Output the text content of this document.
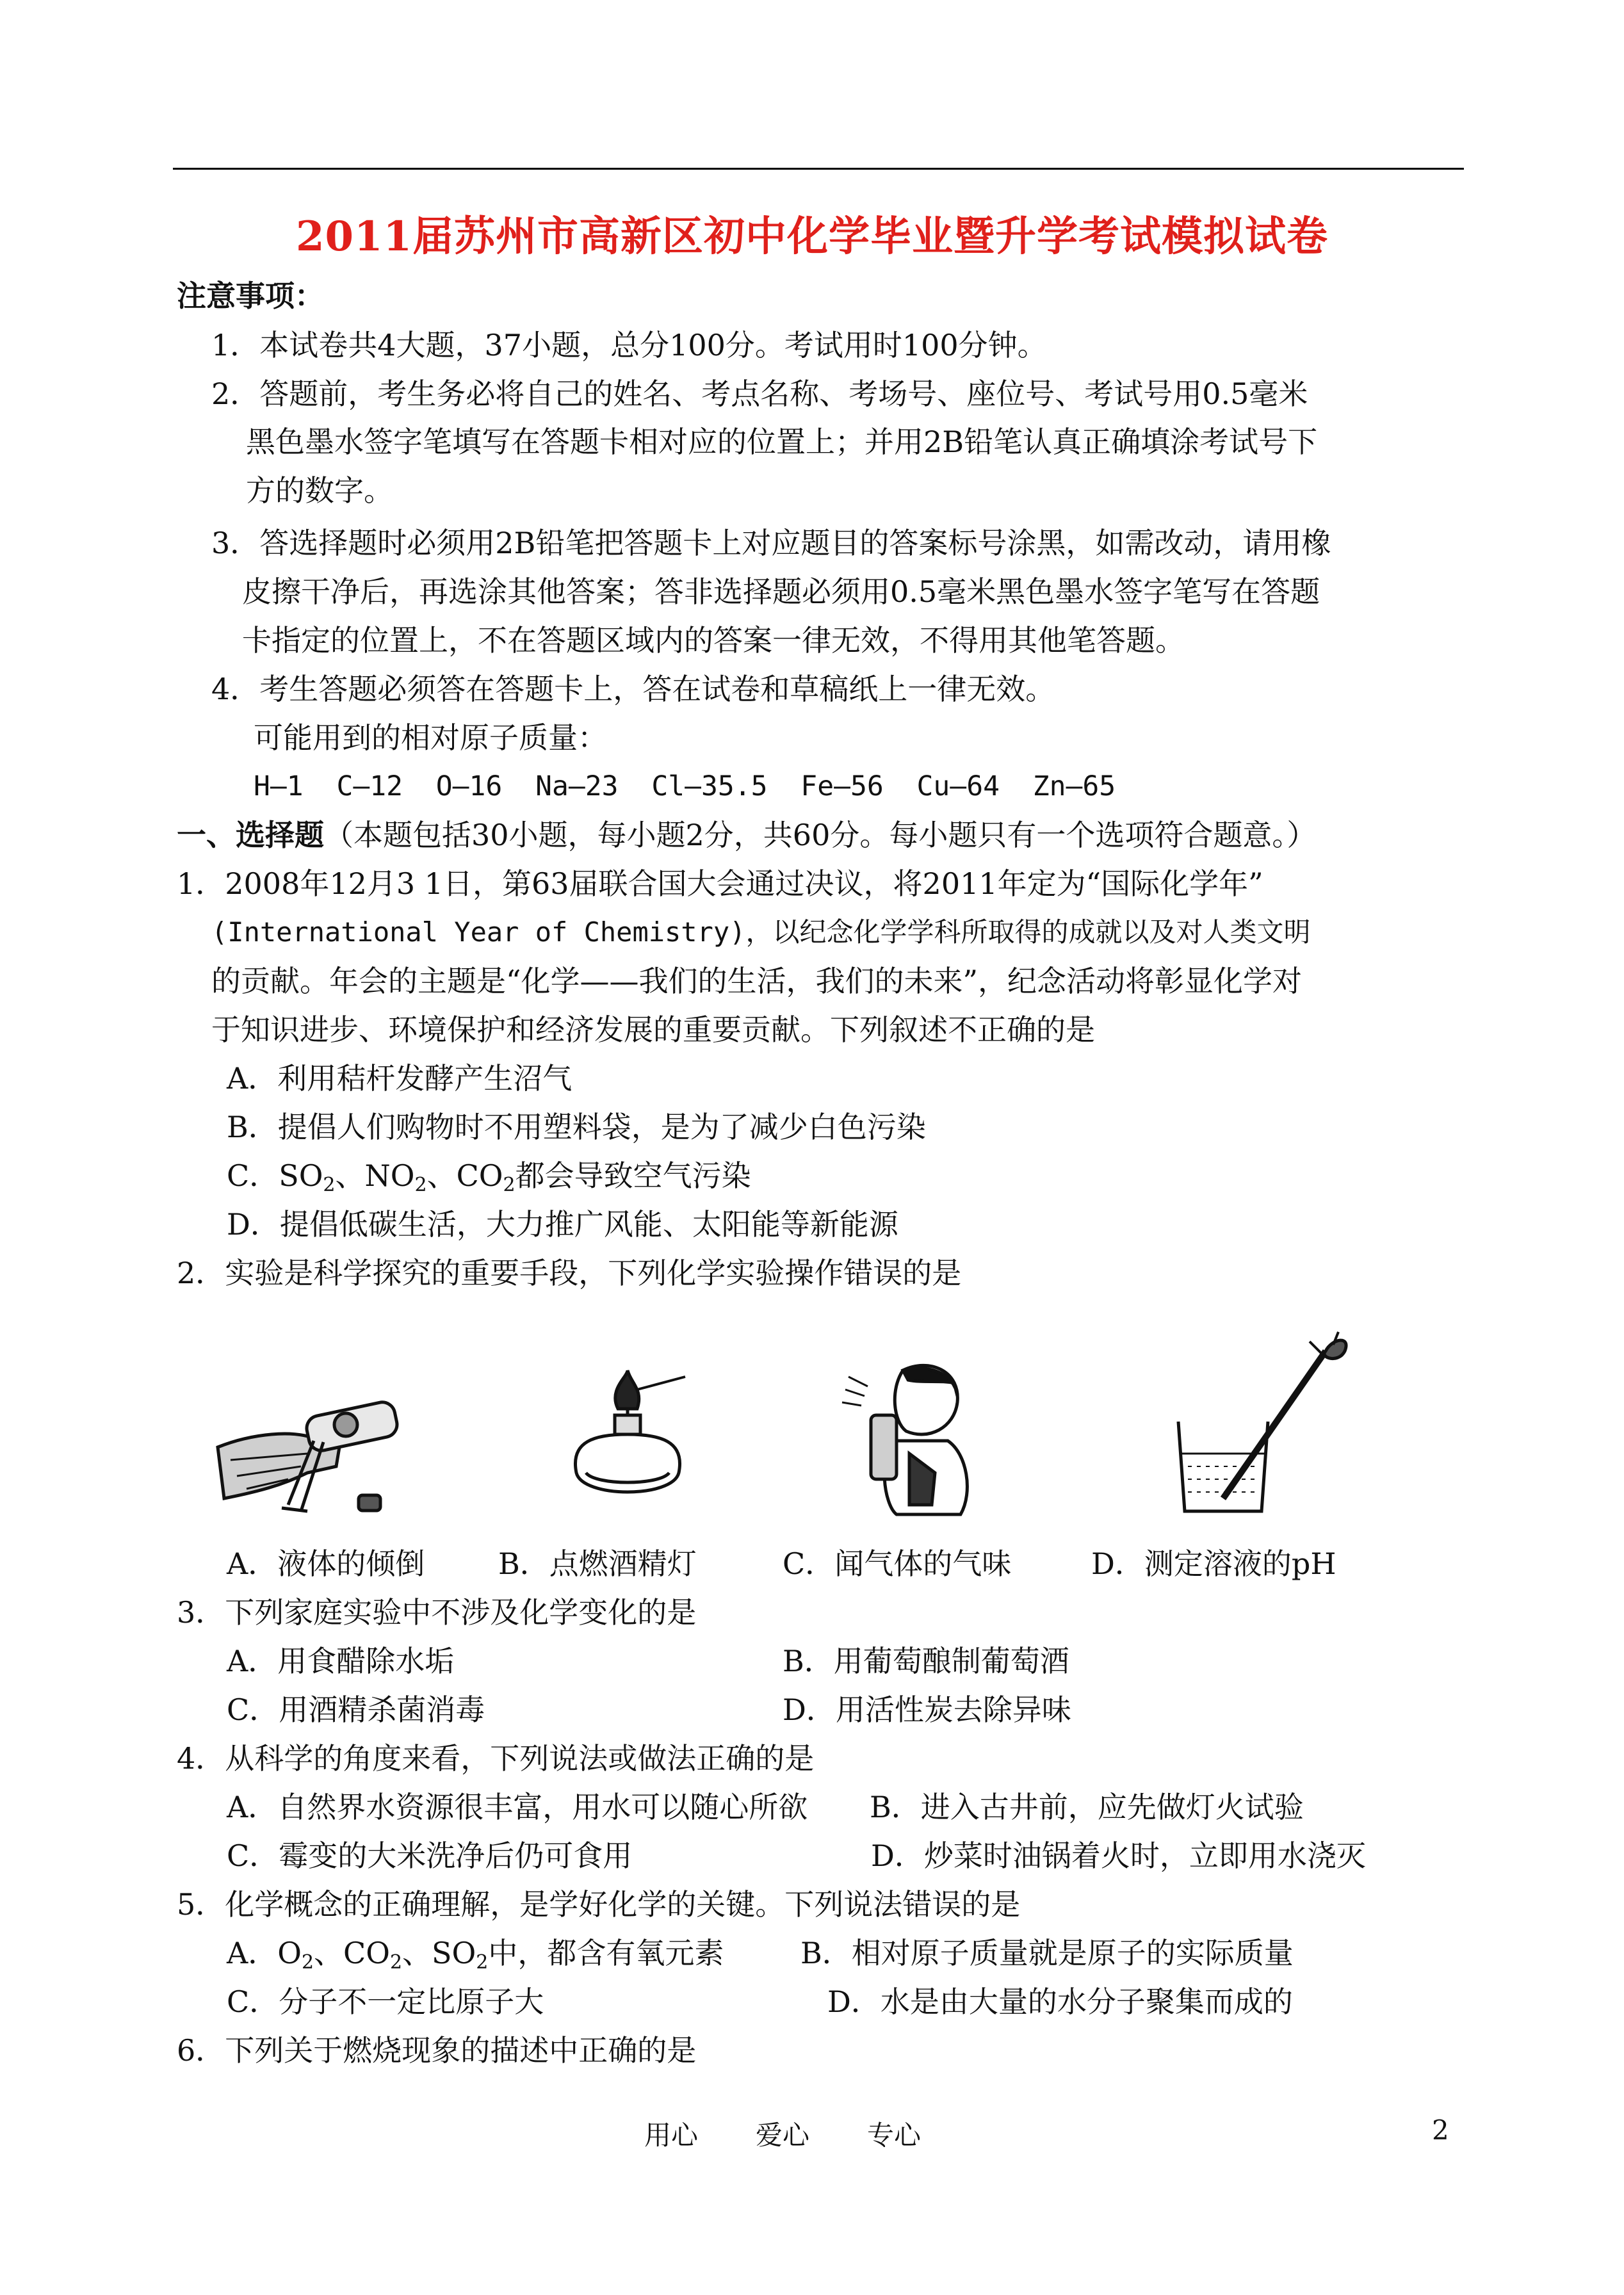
2011届苏州市高新区初中化学毕业暨升学考试模拟试卷
注意事项：
1．本试卷共4大题，37小题，总分100分。考试用时100分钟。
2．答题前，考生务必将自己的姓名、考点名称、考场号、座位号、考试号用0.5毫米
黑色墨水签字笔填写在答题卡相对应的位置上；并用2B铅笔认真正确填涂考试号下
方的数字。
3．答选择题时必须用2B铅笔把答题卡上对应题目的答案标号涂黑，如需改动，请用橡
皮擦干净后，再选涂其他答案；答非选择题必须用0.5毫米黑色墨水签字笔写在答题
卡指定的位置上，不在答题区域内的答案一律无效，不得用其他笔答题。
4．考生答题必须答在答题卡上，答在试卷和草稿纸上一律无效。
可能用到的相对原子质量：
H—1  C—12  O—16  Na—23  Cl—35.5  Fe—56  Cu—64  Zn—65
一、选择题（本题包括30小题，每小题2分，共60分。每小题只有一个选项符合题意。）
1．2008年12月3 1日，第63届联合国大会通过决议，将2011年定为“国际化学年”
(International Year of Chemistry)，以纪念化学学科所取得的成就以及对人类文明
的贡献。年会的主题是“化学——我们的生活，我们的未来”，纪念活动将彰显化学对
于知识进步、环境保护和经济发展的重要贡献。下列叙述不正确的是
A．利用秸杆发酵产生沼气
B．提倡人们购物时不用塑料袋，是为了减少白色污染
C．$SO_2$、$NO_2$、$CO_2$都会导致空气污染
D．提倡低碳生活，大力推广风能、太阳能等新能源
2．实验是科学探究的重要手段，下列化学实验操作错误的是
A．液体的倾倒 B．点燃酒精灯	C．闻气体的气味	D．测定溶液的pH
3．下列家庭实验中不涉及化学变化的是
A．用食醋除水垢	B．用葡萄酿制葡萄酒
C．用酒精杀菌消毒	D．用活性炭去除异味
4．从科学的角度来看，下列说法或做法正确的是
A．自然界水资源很丰富，用水可以随心所欲 B．进入古井前，应先做灯火试验
C．霉变的大米洗净后仍可食用	D．炒菜时油锅着火时，立即用水浇灭
5．化学概念的正确理解，是学好化学的关键。下列说法错误的是
A．$O_2$、$CO_2$、$SO_2$中，都含有氧元素	B．相对原子质量就是原子的实际质量
C．分子不一定比原子大	D．水是由大量的水分子聚集而成的
6．下列关于燃烧现象的描述中正确的是
用心 爱心 专心	2
